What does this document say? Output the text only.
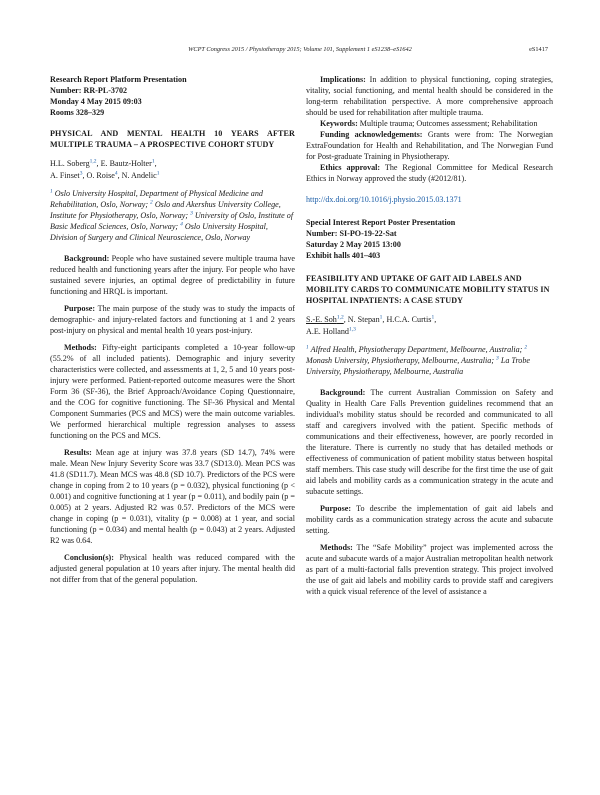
WCPT Congress 2015 / Physiotherapy 2015; Volume 101, Supplement 1 eS1238–eS1642	eS1417
Research Report Platform Presentation
Number: RR-PL-3702
Monday 4 May 2015 09:03
Rooms 328–329
PHYSICAL AND MENTAL HEALTH 10 YEARS AFTER MULTIPLE TRAUMA – A PROSPECTIVE COHORT STUDY
H.L. Soberg$^{1,2}$, E. Bautz-Holter$^1$,
A. Finset$^3$, O. Roise$^4$, N. Andelic$^1$
$^1$ Oslo University Hospital, Department of Physical Medicine and Rehabilitation, Oslo, Norway; $^2$ Oslo and Akershus University College, Institute for Physiotherapy, Oslo, Norway; $^3$ University of Oslo, Institute of Basic Medical Sciences, Oslo, Norway; $^4$ Oslo University Hospital, Division of Surgery and Clinical Neuroscience, Oslo, Norway

Background: People who have sustained severe multiple trauma have reduced health and functioning years after the injury. For people who have sustained severe injuries, an optimal degree of predictability in future functioning and HRQL is important.

Purpose: The main purpose of the study was to study the impacts of demographic- and injury-related factors and functioning at 1 and 2 years post-injury on physical and mental health 10 years post-injury.

Methods: Fifty-eight participants completed a 10-year follow-up (55.2% of all included patients). Demographic and injury severity characteristics were collected, and assessments at 1, 2, 5 and 10 years post-injury were performed. Patient-reported outcome measures were the Short Form 36 (SF-36), the Brief Approach/Avoidance Coping Questionnaire, and the COG for cognitive functioning. The SF-36 Physical and Mental Component Summaries (PCS and MCS) were the main outcome variables. We performed hierarchical multiple regression analyses to assess functioning on the PCS and MCS.

Results: Mean age at injury was 37.8 years (SD 14.7), 74% were male. Mean New Injury Severity Score was 33.7 (SD13.0). Mean PCS was 41.8 (SD11.7). Mean MCS was 48.8 (SD 10.7). Predictors of the PCS were change in coping from 2 to 10 years (p = 0.032), physical functioning (p < 0.001) and cognitive functioning at 1 year (p = 0.011), and bodily pain (p = 0.005) at 2 years. Adjusted R2 was 0.57. Predictors of the MCS were change in coping (p = 0.031), vitality (p = 0.008) at 1 year, and social functioning (p = 0.034) and mental health (p = 0.043) at 2 years. Adjusted R2 was 0.64.

Conclusion(s): Physical health was reduced compared with the adjusted general population at 10 years after injury. The mental health did not differ from that of the general population.

Implications: In addition to physical functioning, coping strategies, vitality, social functioning, and mental health should be considered in the long-term rehabilitation perspective. A more comprehensive approach should be used for rehabilitation after multiple trauma.

Keywords: Multiple trauma; Outcomes assessment; Rehabilitation

Funding acknowledgements: Grants were from: The Norwegian ExtraFoundation for Health and Rehabilitation, and The Norwegian Fund for Post-graduate Training in Physiotherapy.

Ethics approval: The Regional Committee for Medical Research Ethics in Norway approved the study (#2012/81).

http://dx.doi.org/10.1016/j.physio.2015.03.1371
Special Interest Report Poster Presentation
Number: SI-PO-19-22-Sat
Saturday 2 May 2015 13:00
Exhibit halls 401–403
FEASIBILITY AND UPTAKE OF GAIT AID LABELS AND MOBILITY CARDS TO COMMUNICATE MOBILITY STATUS IN HOSPITAL INPATIENTS: A CASE STUDY
S.-E. Soh$^{1,2}$, N. Stepan$^1$, H.C.A. Curtis$^1$,
A.E. Holland$^{1,3}$
$^1$ Alfred Health, Physiotherapy Department, Melbourne, Australia; $^2$ Monash University, Physiotherapy, Melbourne, Australia; $^3$ La Trobe University, Physiotherapy, Melbourne, Australia

Background: The current Australian Commission on Safety and Quality in Health Care Falls Prevention guidelines recommend that an individual's mobility status should be recorded and communicated to all staff and caregivers involved with the patient. Specific methods of communications and their effectiveness, however, are poorly recorded in the literature. There is currently no study that has detailed methods or effectiveness of communication of patient mobility status between hospital staff members. This case study will describe for the first time the use of gait aid labels and mobility cards as a communication strategy in the acute and subacute settings.

Purpose: To describe the implementation of gait aid labels and mobility cards as a communication strategy across the acute and subacute setting.

Methods: The “Safe Mobility” project was implemented across the acute and subacute wards of a major Australian metropolitan health network as part of a multi-factorial falls prevention strategy. This project involved the use of gait aid labels and mobility cards to provide staff and caregivers with a quick visual reference of the level of assistance a
